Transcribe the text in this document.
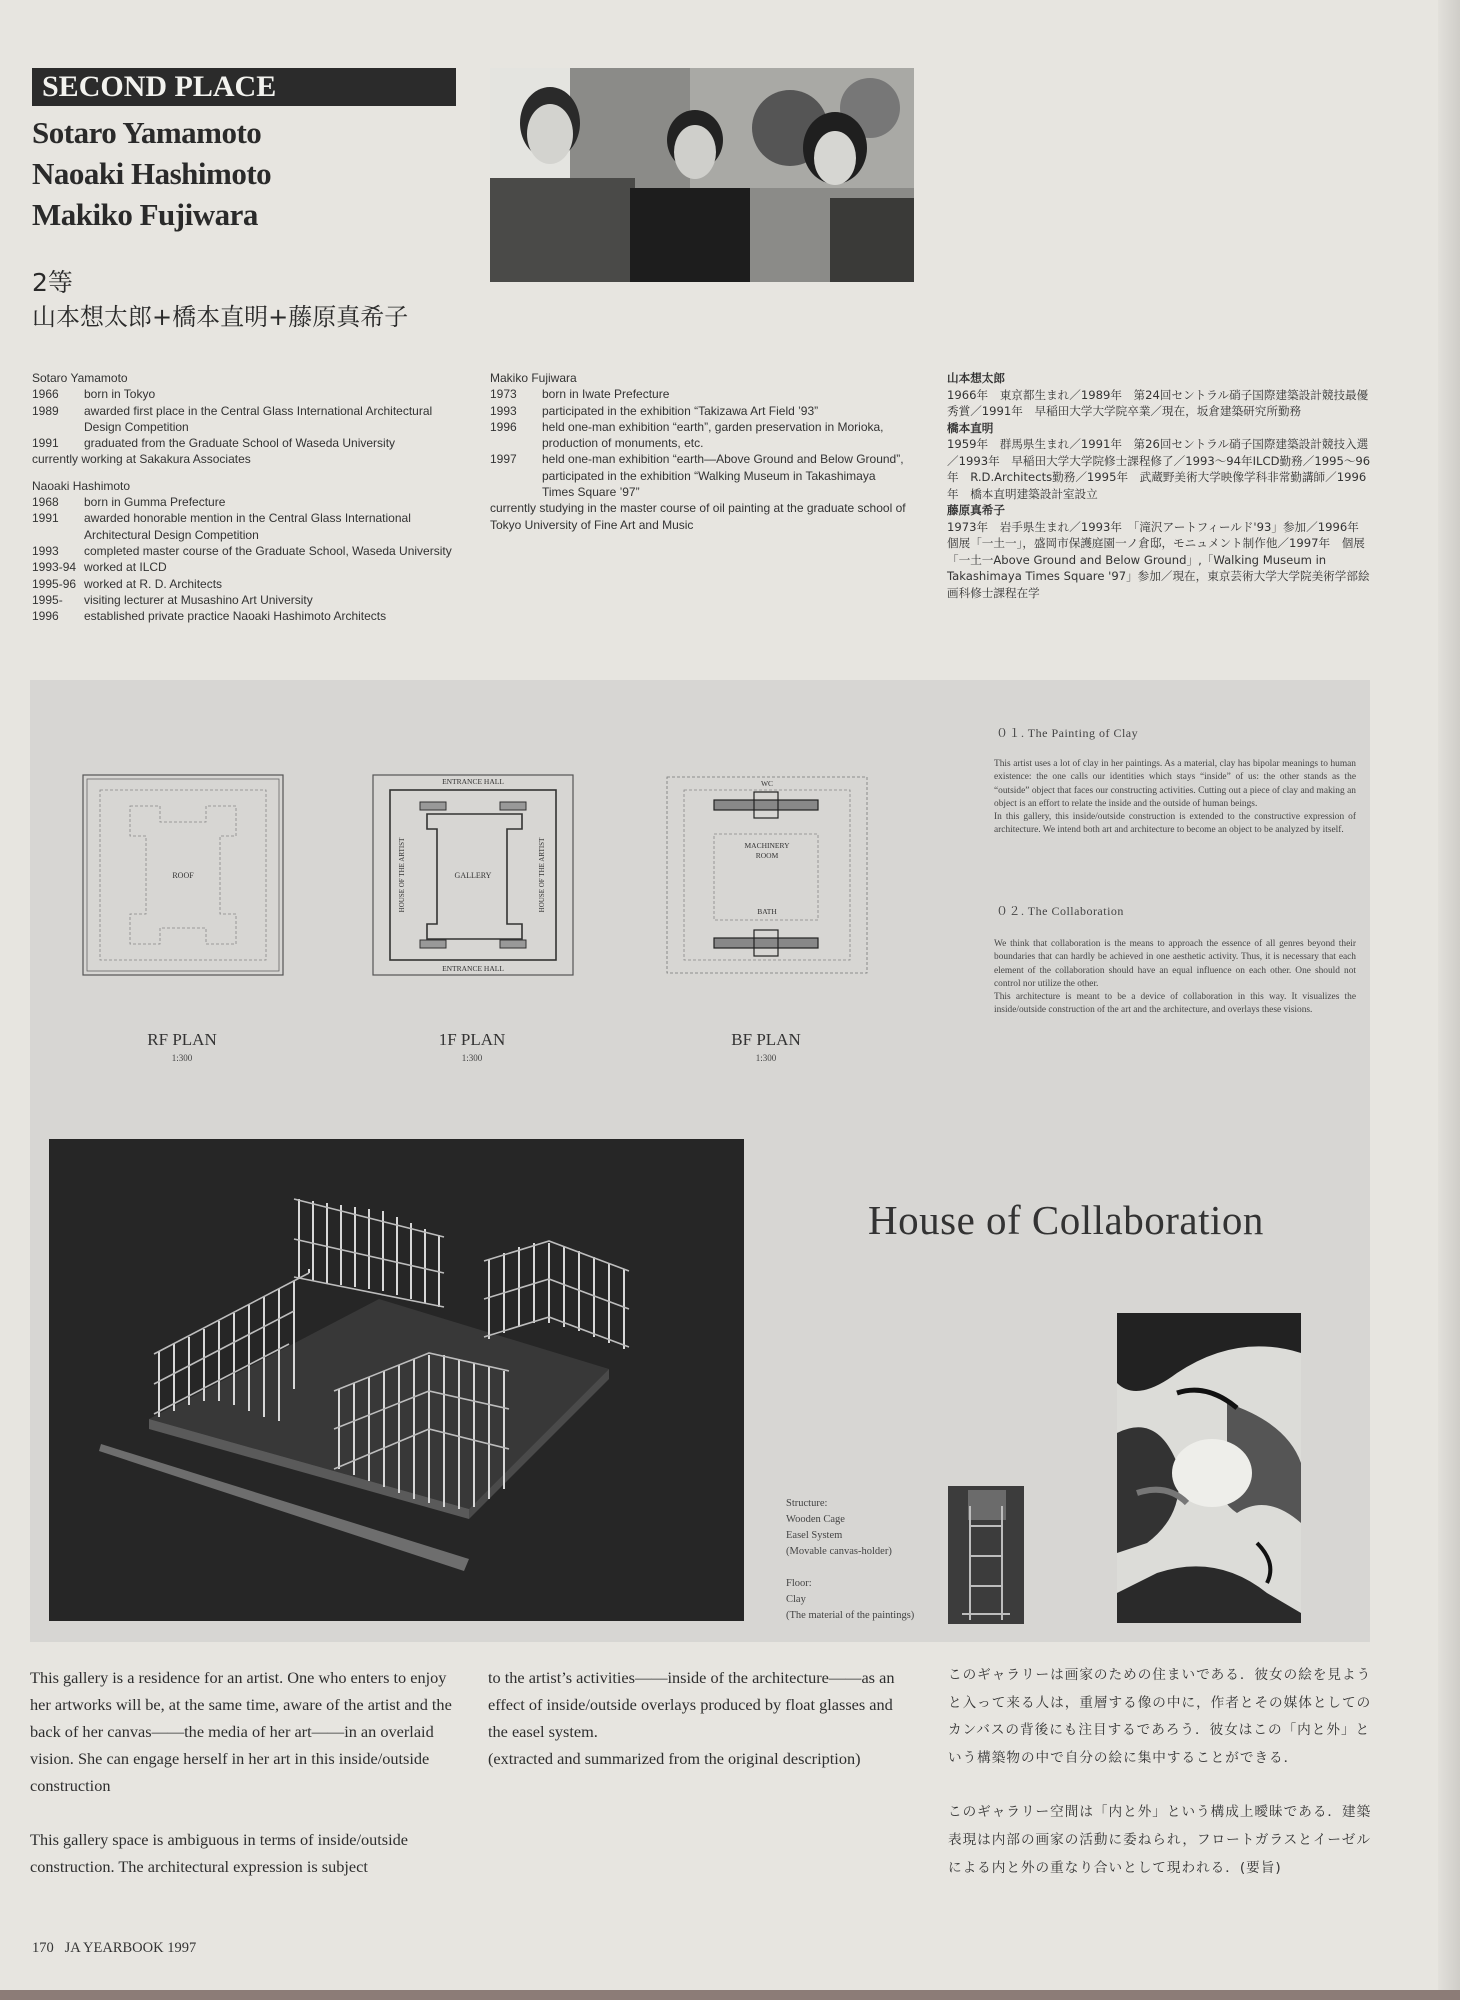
SECOND PLACE
Sotaro Yamamoto
Naoaki Hashimoto
Makiko Fujiwara
2等
山本想太郎+橋本直明+藤原真希子
Sotaro Yamamoto
1966	born in Tokyo
1989	awarded first place in the Central Glass International Architectural Design Competition
1991	graduated from the Graduate School of Waseda University
currently working at Sakakura Associates
Naoaki Hashimoto
1968	born in Gumma Prefecture
1991	awarded honorable mention in the Central Glass International Architectural Design Competition
1993	completed master course of the Graduate School, Waseda University
1993-94 worked at ILCD
1995-96 worked at R. D. Architects
1995-	visiting lecturer at Musashino Art University
1996	established private practice Naoaki Hashimoto Architects
Makiko Fujiwara
1973	born in Iwate Prefecture
1993	participated in the exhibition “Takizawa Art Field ’93”
1996	held one-man exhibition “earth”, garden preservation in Morioka, production of monuments, etc.
1997	held one-man exhibition “earth—Above Ground and Below Ground”, participated in the exhibition “Walking Museum in Takashimaya Times Square ’97”
currently studying in the master course of oil painting at the graduate school of Tokyo University of Fine Art and Music
山本想太郎
1966年　東京都生まれ／1989年　第24回セントラル硝子国際建築設計競技最優秀賞／1991年　早稲田大学大学院卒業／現在，坂倉建築研究所勤務
橋本直明
1959年　群馬県生まれ／1991年　第26回セントラル硝子国際建築設計競技入選／1993年　早稲田大学大学院修士課程修了／1993～94年ILCD勤務／1995～96年　R.D.Architects勤務／1995年　武蔵野美術大学映像学科非常勤講師／1996年　橋本直明建築設計室設立
藤原真希子
1973年　岩手県生まれ／1993年　「滝沢アートフィールド'93」参加／1996年　個展「一土一」，盛岡市保護庭園一ノ倉邸，モニュメント制作他／1997年　個展「一土一Above Ground and Below Ground」,「Walking Museum in Takashimaya Times Square '97」参加／現在，東京芸術大学大学院美術学部絵画科修士課程在学
ROOF
RF PLAN
1:300
ENTRANCE HALL
ENTRANCE HALL
GALLERY
HOUSE OF THE ARTIST	HOUSE OF THE ARTIST
1F PLAN
1:300
WC
MACHINERY
ROOM
BATH
BF PLAN
1:300
０１. The Painting of Clay

This artist uses a lot of clay in her paintings. As a material, clay has bipolar meanings to human existence: the one calls our identities which stays “inside” of us: the other stands as the “outside” object that faces our constructing activities. Cutting out a piece of clay and making an object is an effort to relate the inside and the outside of human beings.

In this gallery, this inside/outside construction is extended to the constructive expression of architecture. We intend both art and architecture to become an object to be analyzed by itself.

０２. The Collaboration

We think that collaboration is the means to approach the essence of all genres beyond their boundaries that can hardly be achieved in one aesthetic activity. Thus, it is necessary that each element of the collaboration should have an equal influence on each other. One should not control nor utilize the other.

This architecture is meant to be a device of collaboration in this way. It visualizes the inside/outside construction of the art and the architecture, and overlays these visions.

House of Collaboration
Structure:
Wooden Cage
Easel System
(Movable canvas-holder)
Floor:
Clay
(The material of the paintings)

This gallery is a residence for an artist. One who enters to enjoy her artworks will be, at the same time, aware of the artist and the back of her canvas——the media of her art——in an overlaid vision. She can engage herself in her art in this inside/outside construction

This gallery space is ambiguous in terms of inside/outside construction. The architectural expression is subject

to the artist’s activities——inside of the architecture——as an effect of inside/outside overlays produced by float glasses and the easel system.

(extracted and summarized from the original description)

このギャラリーは画家のための住まいである．彼女の絵を見ようと入って来る人は，重層する像の中に，作者とその媒体としてのカンバスの背後にも注目するであろう．彼女はこの「内と外」という構築物の中で自分の絵に集中することができる．

このギャラリー空間は「内と外」という構成上曖昧である．建築表現は内部の画家の活動に委ねられ，フロートガラスとイーゼルによる内と外の重なり合いとして現われる．(要旨)

170 JA YEARBOOK 1997
